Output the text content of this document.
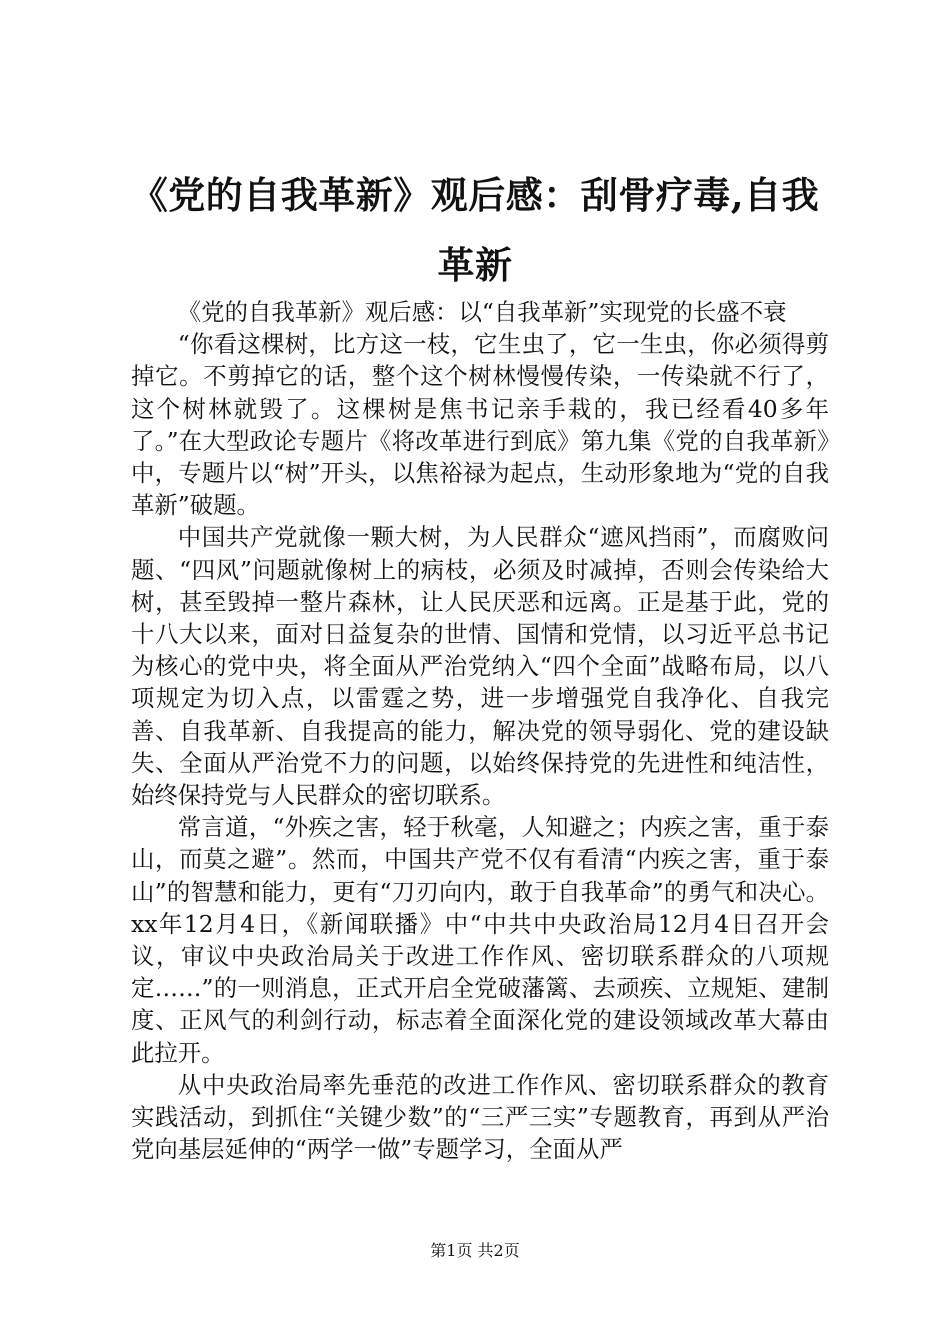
《党的自我革新》观后感：刮骨疗毒,自我革新

《党的自我革新》观后感：以“自我革新”实现党的长盛不衰

“你看这棵树，比方这一枝，它生虫了，它一生虫，你必须得剪掉它。不剪掉它的话，整个这个树林慢慢传染，一传染就不行了，这个树林就毁了。这棵树是焦书记亲手栽的，我已经看40多年了。”在大型政论专题片《将改革进行到底》第九集《党的自我革新》中，专题片以“树”开头，以焦裕禄为起点，生动形象地为“党的自我革新”破题。

中国共产党就像一颗大树，为人民群众“遮风挡雨”，而腐败问题、“四风”问题就像树上的病枝，必须及时减掉，否则会传染给大树，甚至毁掉一整片森林，让人民厌恶和远离。正是基于此，党的十八大以来，面对日益复杂的世情、国情和党情，以习近平总书记为核心的党中央，将全面从严治党纳入“四个全面”战略布局，以八项规定为切入点，以雷霆之势，进一步增强党自我净化、自我完善、自我革新、自我提高的能力，解决党的领导弱化、党的建设缺失、全面从严治党不力的问题，以始终保持党的先进性和纯洁性，始终保持党与人民群众的密切联系。

常言道，“外疾之害，轻于秋毫，人知避之；内疾之害，重于泰山，而莫之避”。然而，中国共产党不仅有看清“内疾之害，重于泰山”的智慧和能力，更有“刀刃向内，敢于自我革命”的勇气和决心。xx年12月4日，《新闻联播》中“中共中央政治局12月4日召开会议，审议中央政治局关于改进工作作风、密切联系群众的八项规定……”的一则消息，正式开启全党破藩篱、去顽疾、立规矩、建制度、正风气的利剑行动，标志着全面深化党的建设领域改革大幕由此拉开。

从中央政治局率先垂范的改进工作作风、密切联系群众的教育实践活动，到抓住“关键少数”的“三严三实”专题教育，再到从严治党向基层延伸的“两学一做”专题学习，全面从严

第1页 共2页
